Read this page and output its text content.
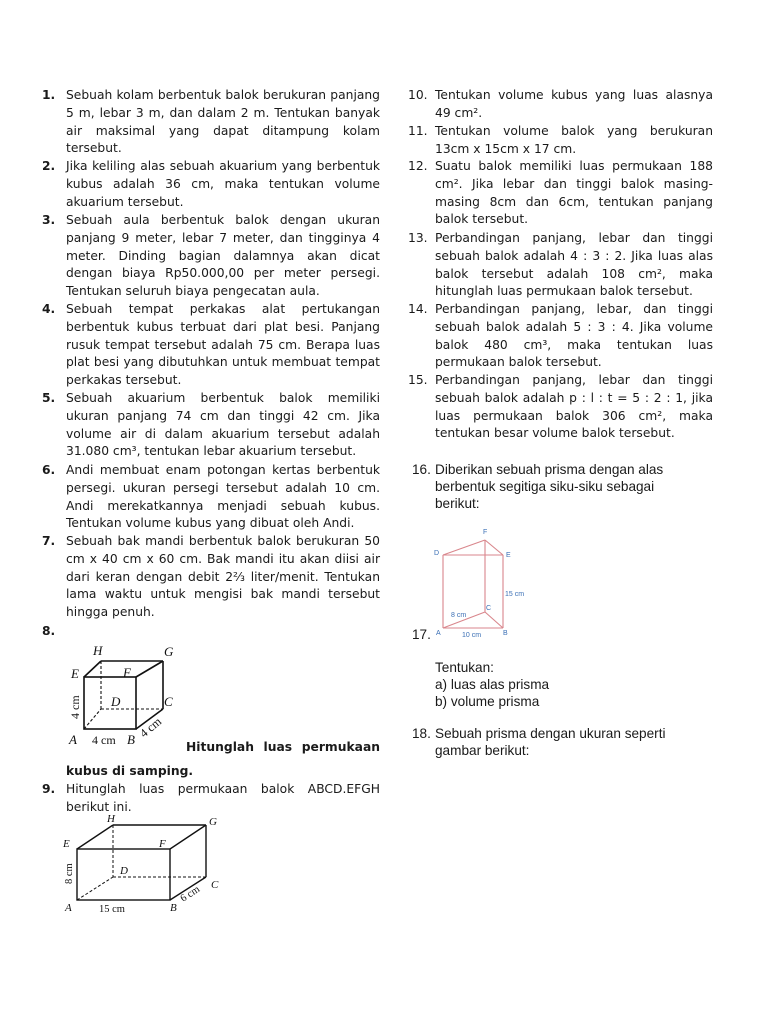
1. Sebuah kolam berbentuk balok berukuran panjang 5 m, lebar 3 m, dan dalam 2 m. Tentukan banyak air maksimal yang dapat ditampung kolam tersebut.
2. Jika keliling alas sebuah akuarium yang berbentuk kubus adalah 36 cm, maka tentukan volume akuarium tersebut.
3. Sebuah aula berbentuk balok dengan ukuran panjang 9 meter, lebar 7 meter, dan tingginya 4 meter. Dinding bagian dalamnya akan dicat dengan biaya Rp50.000,00 per meter persegi. Tentukan seluruh biaya pengecatan aula.
4. Sebuah tempat perkakas alat pertukangan berbentuk kubus terbuat dari plat besi. Panjang rusuk tempat tersebut adalah 75 cm. Berapa luas plat besi yang dibutuhkan untuk membuat tempat perkakas tersebut.
5. Sebuah akuarium berbentuk balok memiliki ukuran panjang 74 cm dan tinggi 42 cm. Jika volume air di dalam akuarium tersebut adalah 31.080 cm³, tentukan lebar akuarium tersebut.
6. Andi membuat enam potongan kertas berbentuk persegi. ukuran persegi tersebut adalah 10 cm. Andi merekatkannya menjadi sebuah kubus. Tentukan volume kubus yang dibuat oleh Andi.
7. Sebuah bak mandi berbentuk balok berukuran 50 cm x 40 cm x 60 cm. Bak mandi itu akan diisi air dari keran dengan debit 2⅔ liter/menit. Tentukan lama waktu untuk mengisi bak mandi tersebut hingga penuh.
8.
H	G
E	F
D	C
A	B
4 cm
4 cm
4 cm
Hitunglah luas permukaan
kubus di samping.
9. Hitunglah luas permukaan balok ABCD.EFGH berikut ini.
H	G
E	F
D
C
A	B
15 cm
8 cm
6 cm
10. Tentukan volume kubus yang luas alasnya 49 cm².
11. Tentukan volume balok yang berukuran 13cm x 15cm x 17 cm.
12. Suatu balok memiliki luas permukaan 188 cm². Jika lebar dan tinggi balok masing-masing 8cm dan 6cm, tentukan panjang balok tersebut.
13. Perbandingan panjang, lebar dan tinggi sebuah balok adalah 4 : 3 : 2. Jika luas alas balok tersebut adalah 108 cm², maka hitunglah luas permukaan balok tersebut.
14. Perbandingan panjang, lebar, dan tinggi sebuah balok adalah 5 : 3 : 4. Jika volume balok 480 cm³, maka tentukan luas permukaan balok tersebut.
15. Perbandingan panjang, lebar dan tinggi sebuah balok adalah p : l : t = 5 : 2 : 1, jika luas permukaan balok 306 cm², maka tentukan besar volume balok tersebut.
16. Diberikan sebuah prisma dengan alas berbentuk segitiga siku-siku sebagai berikut:
F
D	E
C
A	B
15 cm
8 cm
10 cm
17.
Tentukan:
a) luas alas prisma
b) volume prisma
18. Sebuah prisma dengan ukuran seperti gambar berikut:
